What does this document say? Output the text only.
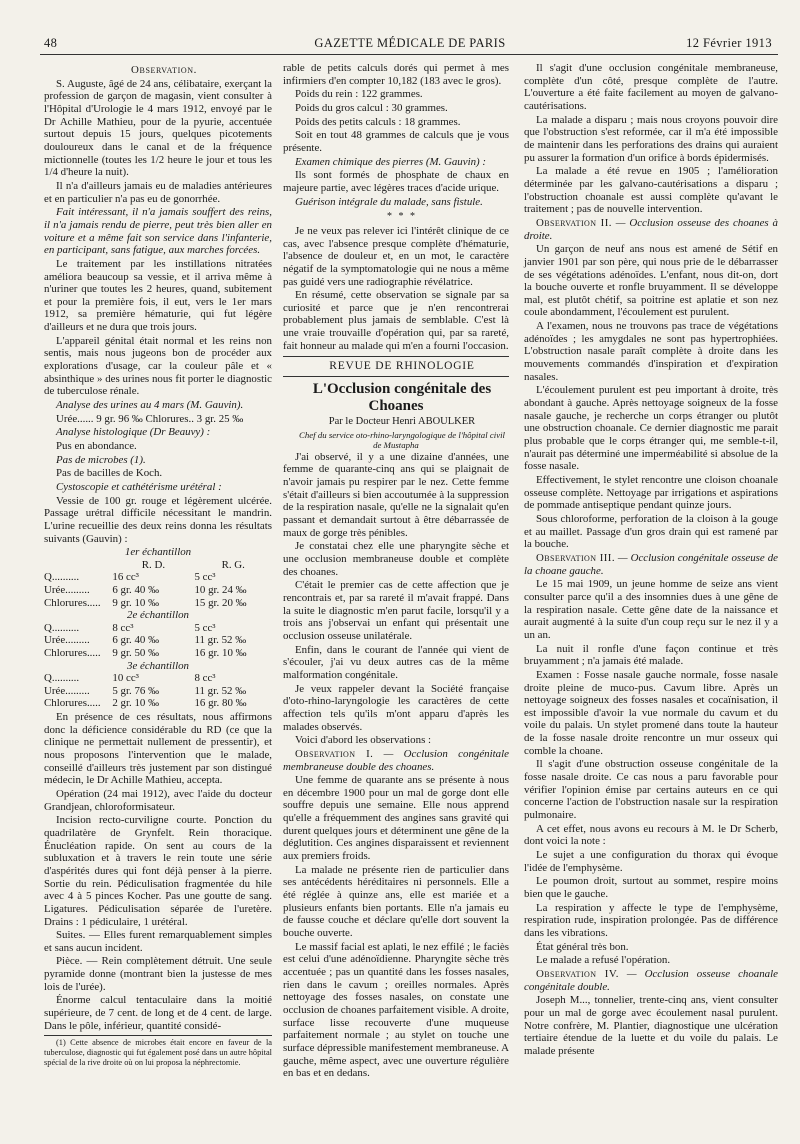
48	GAZETTE MÉDICALE DE PARIS	12 Février 1913

Observation.

S. Auguste, âgé de 24 ans, célibataire, exerçant la profession de garçon de magasin, vient consulter à l'Hôpital d'Urologie le 4 mars 1912, envoyé par le Dr Achille Mathieu, pour de la pyurie, accentuée surtout depuis 15 jours, quelques picotements douloureux dans le canal et de la fréquence mictionnelle (toutes les 1/2 heure le jour et tous les 1/4 d'heure la nuit).

Il n'a d'ailleurs jamais eu de maladies antérieures et en particulier n'a pas eu de gonorrhée.

Fait intéressant, il n'a jamais souffert des reins, il n'a jamais rendu de pierre, peut très bien aller en voiture et a même fait son service dans l'infanterie, en participant, sans fatigue, aux marches forcées.

Le traitement par les instillations nitratées améliora beaucoup sa vessie, et il arriva même à n'uriner que toutes les 2 heures, quand, subitement et pour la première fois, il eut, vers le 1er mars 1912, sa première hématurie, qui fut légère d'ailleurs et ne dura que trois jours.

L'appareil génital était normal et les reins non sentis, mais nous jugeons bon de procéder aux explorations d'usage, car la couleur pâle et « absinthique » des urines nous fit porter le diagnostic de tuberculose rénale.

Analyse des urines au 4 mars (M. Gauvin).

Urée...... 9 gr. 96 ‰ Chlorures.. 3 gr. 25 ‰

Analyse histologique (Dr Beauvy) :

Pus en abondance.

Pas de microbes (1).

Pas de bacilles de Koch.

Cystoscopie et cathétérisme urétéral :

Vessie de 100 gr. rouge et légèrement ulcérée. Passage urétral difficile nécessitant le mandrin. L'urine recueillie des deux reins donna les résultats suivants (Gauvin) :

1er échantillon		
	R. D.	R. G.
Q..........	16 cc³	5 cc³
Urée.........	6 gr. 40 ‰	10 gr. 24 ‰
Chlorures.....	9 gr. 10 ‰	15 gr. 20 ‰
2e échantillon		
Q..........	8 cc³	5 cc³
Urée.........	6 gr. 40 ‰	11 gr. 52 ‰
Chlorures.....	9 gr. 50 ‰	16 gr. 10 ‰
3e échantillon		
Q..........	10 cc³	8 cc³
Urée.........	5 gr. 76 ‰	11 gr. 52 ‰
Chlorures.....	2 gr. 10 ‰	16 gr. 80 ‰

En présence de ces résultats, nous affirmons donc la déficience considérable du RD (ce que la clinique ne permettait nullement de pressentir), et nous proposons l'intervention que le malade, conseillé d'ailleurs très justement par son distingué médecin, le Dr Achille Mathieu, accepta.

Opération (24 mai 1912), avec l'aide du docteur Grandjean, chloroformisateur.

Incision recto-curviligne courte. Ponction du quadrilatère de Grynfelt. Rein thoracique. Énucléation rapide. On sent au cours de la subluxation et à travers le rein toute une série d'aspérités dures qui font déjà penser à la pierre. Sortie du rein. Pédiculisation fragmentée du hile avec 4 à 5 pinces Kocher. Pas une goutte de sang. Ligatures. Pédiculisation séparée de l'uretère. Drains : 1 pédiculaire, 1 urétéral.

Suites. — Elles furent remarquablement simples et sans aucun incident.

Pièce. — Rein complètement détruit. Une seule pyramide donne (montrant bien la justesse de mes lois de l'urée).

Énorme calcul tentaculaire dans la moitié supérieure, de 7 cent. de long et de 4 cent. de large. Dans le pôle, inférieur, quantité considé-

(1) Cette absence de microbes était encore en faveur de la tuberculose, diagnostic qui fut également posé dans un autre hôpital spécial de la rive droite où on lui proposa la néphrectomie.

rable de petits calculs dorés qui permet à mes infirmiers d'en compter 10,182 (183 avec le gros).

Poids du rein : 122 grammes.

Poids du gros calcul : 30 grammes.

Poids des petits calculs : 18 grammes.

Soit en tout 48 grammes de calculs que je vous présente.

Examen chimique des pierres (M. Gauvin) :

Ils sont formés de phosphate de chaux en majeure partie, avec légères traces d'acide urique.

Guérison intégrale du malade, sans fistule.

* * *

Je ne veux pas relever ici l'intérêt clinique de ce cas, avec l'absence presque complète d'hématurie, l'absence de douleur et, en un mot, le caractère négatif de la symptomatologie qui ne nous a même pas guidé vers une radiographie révélatrice.

En résumé, cette observation se signale par sa curiosité et parce que je n'en rencontrerai probablement plus jamais de semblable. C'est là une vraie trouvaille d'opération qui, par sa rareté, fait honneur au malade qui m'en a fourni l'occasion.

REVUE DE RHINOLOGIE

L'Occlusion congénitale des Choanes

Par le Docteur Henri ABOULKER

Chef du service oto-rhino-laryngologique de l'hôpital civil de Mustapha

J'ai observé, il y a une dizaine d'années, une femme de quarante-cinq ans qui se plaignait de n'avoir jamais pu respirer par le nez. Cette femme s'était d'ailleurs si bien accoutumée à la suppression de la respiration nasale, qu'elle ne la signalait qu'en passant et demandait surtout à être débarrassée de maux de gorge très pénibles.

Je constatai chez elle une pharyngite sèche et une occlusion membraneuse double et complète des choanes.

C'était le premier cas de cette affection que je rencontrais et, par sa rareté il m'avait frappé. Dans la suite le diagnostic m'en parut facile, lorsqu'il y a trois ans j'observai un enfant qui présentait une occlusion osseuse unilatérale.

Enfin, dans le courant de l'année qui vient de s'écouler, j'ai vu deux autres cas de la même malformation congénitale.

Je veux rappeler devant la Société française d'oto-rhino-laryngologie les caractères de cette affection tels qu'ils m'ont apparu d'après les malades observés.

Voici d'abord les observations :

Observation I. — Occlusion congénitale membraneuse double des choanes.

Une femme de quarante ans se présente à nous en décembre 1900 pour un mal de gorge dont elle souffre depuis une semaine. Elle nous apprend qu'elle a fréquemment des angines sans gravité qui durent quelques jours et déterminent une gêne de la déglutition. Ces angines disparaissent et reviennent aux premiers froids.

La malade ne présente rien de particulier dans ses antécédents héréditaires ni personnels. Elle a été réglée à quinze ans, elle est mariée et a plusieurs enfants bien portants. Elle n'a jamais eu de fausse couche et déclare qu'elle dort souvent la bouche ouverte.

Le massif facial est aplati, le nez effilé ; le faciès est celui d'une adénoïdienne. Pharyngite sèche très accentuée ; pas un quantité dans les fosses nasales, rien dans le cavum ; oreilles normales. Après nettoyage des fosses nasales, on constate une occlusion de choanes parfaitement visible. A droite, surface lisse recouverte d'une muqueuse parfaitement normale ; au stylet on touche une surface dépressible manifestement membraneuse. A gauche, même aspect, avec une ouverture régulière en bas et en dedans.

Il s'agit d'une occlusion congénitale membraneuse, complète d'un côté, presque complète de l'autre. L'ouverture a été faite facilement au moyen de galvano-cautérisations.

La malade a disparu ; mais nous croyons pouvoir dire que l'obstruction s'est reformée, car il m'a été impossible de maintenir dans les perforations des drains qui auraient pu assurer la formation d'un orifice à bords épidermisés.

La malade a été revue en 1905 ; l'amélioration déterminée par les galvano-cautérisations a disparu ; l'obstruction choanale est aussi complète qu'avant le traitement ; pas de nouvelle intervention.

Observation II. — Occlusion osseuse des choanes à droite.

Un garçon de neuf ans nous est amené de Sétif en janvier 1901 par son père, qui nous prie de le débarrasser de ses végétations adénoïdes. L'enfant, nous dit-on, dort la bouche ouverte et ronfle bruyamment. Il se développe mal, est plutôt chétif, sa poitrine est aplatie et son nez coule abondamment, l'écoulement est purulent.

A l'examen, nous ne trouvons pas trace de végétations adénoïdes ; les amygdales ne sont pas hypertrophiées. L'obstruction nasale paraît complète à droite dans les mouvements commandés d'inspiration et d'expiration nasales.

L'écoulement purulent est peu important à droite, très abondant à gauche. Après nettoyage soigneux de la fosse nasale gauche, je recherche un corps étranger ou plutôt une obstruction choanale. Ce dernier diagnostic me parait plus probable que le corps étranger qui, me semble-t-il, n'aurait pas déterminé une imperméabilité si absolue de la fosse nasale.

Effectivement, le stylet rencontre une cloison choanale osseuse complète. Nettoyage par irrigations et aspirations de pommade antiseptique pendant quinze jours.

Sous chloroforme, perforation de la cloison à la gouge et au maillet. Passage d'un gros drain qui est ramené par la bouche.

Observation III. — Occlusion congénitale osseuse de la choane gauche.

Le 15 mai 1909, un jeune homme de seize ans vient consulter parce qu'il a des insomnies dues à une gêne de la respiration nasale. Cette gêne date de la naissance et aurait augmenté à la suite d'un coup reçu sur le nez il y a un an.

La nuit il ronfle d'une façon continue et très bruyamment ; n'a jamais été malade.

Examen : Fosse nasale gauche normale, fosse nasale droite pleine de muco-pus. Cavum libre. Après un nettoyage soigneux des fosses nasales et cocaïnisation, il est impossible d'avoir la vue normale du cavum et du voile du palais. Un stylet promené dans toute la hauteur de la fosse nasale droite rencontre un mur osseux qui comble la choane.

Il s'agit d'une obstruction osseuse congénitale de la fosse nasale droite. Ce cas nous a paru favorable pour vérifier l'opinion émise par certains auteurs en ce qui concerne l'action de l'obstruction nasale sur la respiration pulmonaire.

A cet effet, nous avons eu recours à M. le Dr Scherb, dont voici la note :

Le sujet a une configuration du thorax qui évoque l'idée de l'emphysème.

Le poumon droit, surtout au sommet, respire moins bien que le gauche.

La respiration y affecte le type de l'emphysème, respiration rude, inspiration prolongée. Pas de différence dans les vibrations.

État général très bon.

Le malade a refusé l'opération.

Observation IV. — Occlusion osseuse choanale congénitale double.

Joseph M..., tonnelier, trente-cinq ans, vient consulter pour un mal de gorge avec écoulement nasal purulent. Notre confrère, M. Plantier, diagnostique une ulcération tertiaire étendue de la luette et du voile du palais. Le malade présente
